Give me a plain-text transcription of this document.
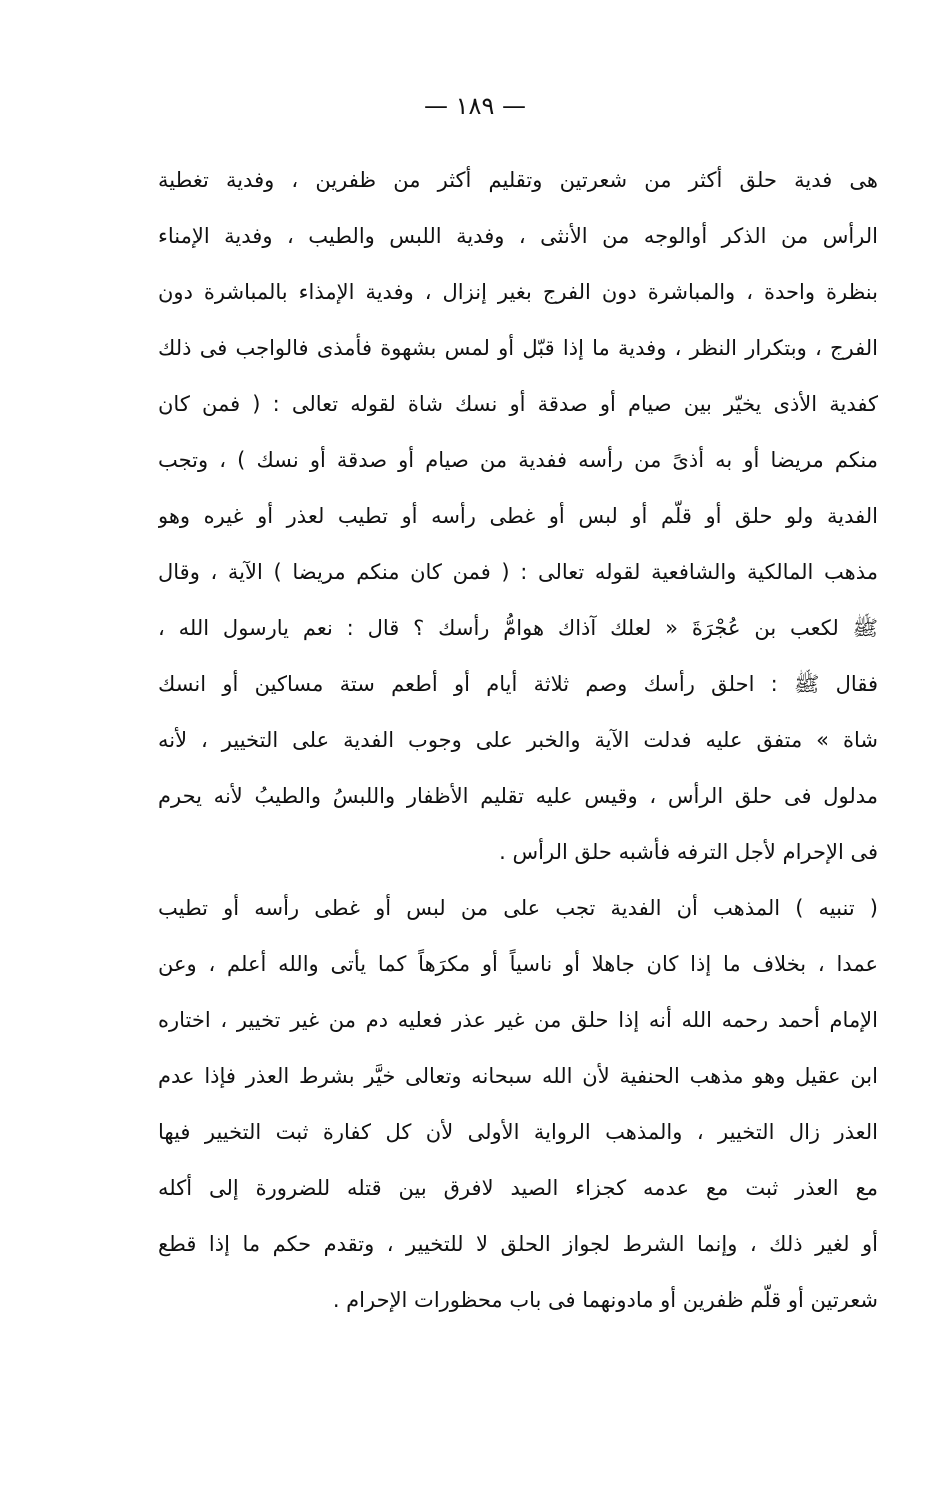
— ١٨٩ —
هى فدية حلق أكثر من شعرتين وتقليم أكثر من ظفرين ، وفدية تغطية
الرأس من الذكر أوالوجه من الأنثى ، وفدية اللبس والطيب ، وفدية الإمناء
بنظرة واحدة ، والمباشرة دون الفرج بغير إنزال ، وفدية الإمذاء بالمباشرة دون
الفرج ، وبتكرار النظر ، وفدية ما إذا قبّل أو لمس بشهوة فأمذى فالواجب فى ذلك
كفدية الأذى يخيّر بين صيام أو صدقة أو نسك شاة لقوله تعالى : ( فمن كان
منكم مريضا أو به أذىً من رأسه ففدية من صيام أو صدقة أو نسك ) ، وتجب
الفدية ولو حلق أو قلّم أو لبس أو غطى رأسه أو تطيب لعذر أو غيره وهو
مذهب المالكية والشافعية لقوله تعالى : ( فمن كان منكم مريضا ) الآية ، وقال
ﷺ لكعب بن عُجْرَةَ « لعلك آذاك هوامُّ رأسك ؟ قال : نعم يارسول الله ،
فقال ﷺ : احلق رأسك وصم ثلاثة أيام أو أطعم ستة مساكين أو انسك
شاة » متفق عليه فدلت الآية والخبر على وجوب الفدية على التخيير ، لأنه
مدلول فى حلق الرأس ، وقيس عليه تقليم الأظفار واللبسُ والطيبُ لأنه يحرم
فى الإحرام لأجل الترفه فأشبه حلق الرأس .
( تنبيه ) المذهب أن الفدية تجب على من لبس أو غطى رأسه أو تطيب
عمدا ، بخلاف ما إذا كان جاهلا أو ناسياً أو مكرَهاً كما يأتى والله أعلم ، وعن
الإمام أحمد رحمه الله أنه إذا حلق من غير عذر فعليه دم من غير تخيير ، اختاره
ابن عقيل وهو مذهب الحنفية لأن الله سبحانه وتعالى خيَّر بشرط العذر فإذا عدم
العذر زال التخيير ، والمذهب الرواية الأولى لأن كل كفارة ثبت التخيير فيها
مع العذر ثبت مع عدمه كجزاء الصيد لافرق بين قتله للضرورة إلى أكله
أو لغير ذلك ، وإنما الشرط لجواز الحلق لا للتخيير ، وتقدم حكم ما إذا قطع
شعرتين أو قلّم ظفرين أو مادونهما فى باب محظورات الإحرام .
